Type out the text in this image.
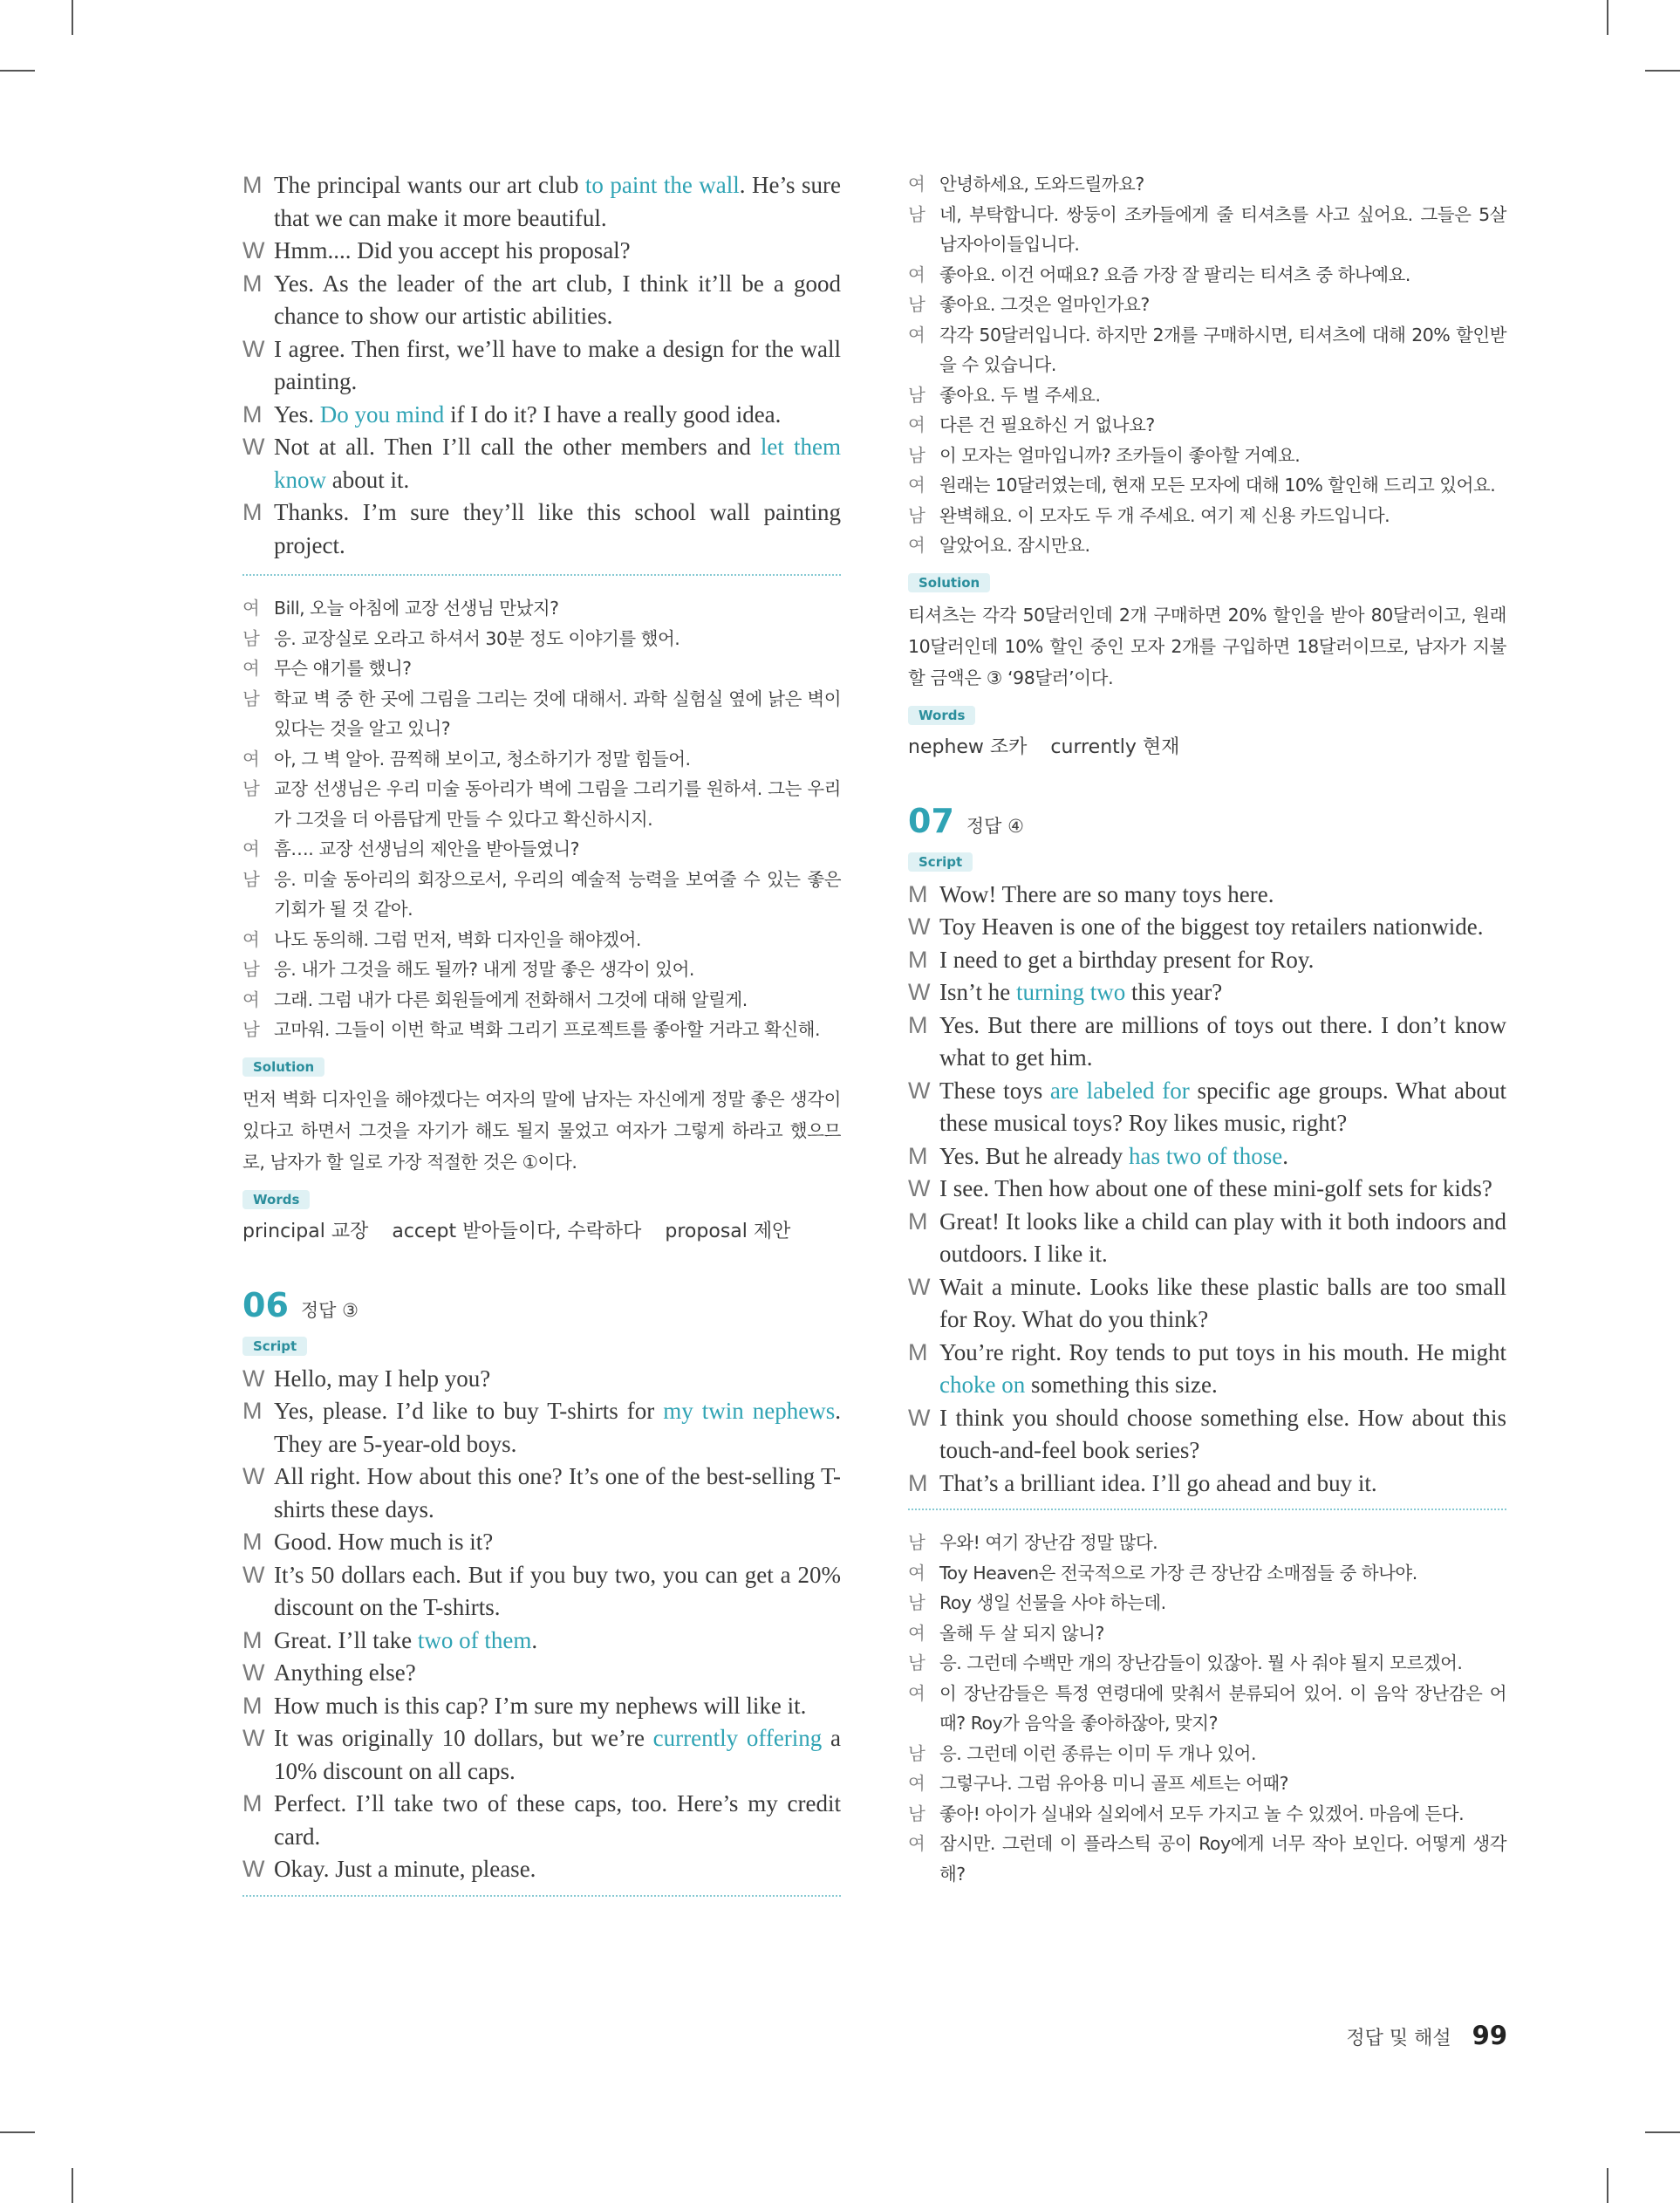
M The principal wants our art club to paint the wall. He’s sure that we can make it more beautiful.
W Hmm.... Did you accept his proposal?
M Yes. As the leader of the art club, I think it’ll be a good chance to show our artistic abilities.
W I agree. Then first, we’ll have to make a design for the wall painting.
M Yes. Do you mind if I do it? I have a really good idea.
W Not at all. Then I’ll call the other members and let them know about it.
M Thanks. I’m sure they’ll like this school wall painting project.
여 Bill, 오늘 아침에 교장 선생님 만났지?
남 응. 교장실로 오라고 하셔서 30분 정도 이야기를 했어.
여 무슨 얘기를 했니?
남 학교 벽 중 한 곳에 그림을 그리는 것에 대해서. 과학 실험실 옆에 낡은 벽이 있다는 것을 알고 있니?
여 아, 그 벽 알아. 끔찍해 보이고, 청소하기가 정말 힘들어.
남 교장 선생님은 우리 미술 동아리가 벽에 그림을 그리기를 원하셔. 그는 우리가 그것을 더 아름답게 만들 수 있다고 확신하시지.
여 흠…. 교장 선생님의 제안을 받아들였니?
남 응. 미술 동아리의 회장으로서, 우리의 예술적 능력을 보여줄 수 있는 좋은 기회가 될 것 같아.
여 나도 동의해. 그럼 먼저, 벽화 디자인을 해야겠어.
남 응. 내가 그것을 해도 될까? 내게 정말 좋은 생각이 있어.
여 그래. 그럼 내가 다른 회원들에게 전화해서 그것에 대해 알릴게.
남 고마워. 그들이 이번 학교 벽화 그리기 프로젝트를 좋아할 거라고 확신해.
Solution
먼저 벽화 디자인을 해야겠다는 여자의 말에 남자는 자신에게 정말 좋은 생각이 있다고 하면서 그것을 자기가 해도 될지 물었고 여자가 그렇게 하라고 했으므로, 남자가 할 일로 가장 적절한 것은 ①이다.
Words
principal 교장 accept 받아들이다, 수락하다 proposal 제안
06 정답 ③
Script
W Hello, may I help you?
M Yes, please. I’d like to buy T-shirts for my twin nephews. They are 5-year-old boys.
W All right. How about this one? It’s one of the best-selling T-shirts these days.
M Good. How much is it?
W It’s 50 dollars each. But if you buy two, you can get a 20% discount on the T-shirts.
M Great. I’ll take two of them.
W Anything else?
M How much is this cap? I’m sure my nephews will like it.
W It was originally 10 dollars, but we’re currently offering a 10% discount on all caps.
M Perfect. I’ll take two of these caps, too. Here’s my credit card.
W Okay. Just a minute, please.
여 안녕하세요, 도와드릴까요?
남 네, 부탁합니다. 쌍둥이 조카들에게 줄 티셔츠를 사고 싶어요. 그들은 5살 남자아이들입니다.
여 좋아요. 이건 어때요? 요즘 가장 잘 팔리는 티셔츠 중 하나예요.
남 좋아요. 그것은 얼마인가요?
여 각각 50달러입니다. 하지만 2개를 구매하시면, 티셔츠에 대해 20% 할인받을 수 있습니다.
남 좋아요. 두 벌 주세요.
여 다른 건 필요하신 거 없나요?
남 이 모자는 얼마입니까? 조카들이 좋아할 거예요.
여 원래는 10달러였는데, 현재 모든 모자에 대해 10% 할인해 드리고 있어요.
남 완벽해요. 이 모자도 두 개 주세요. 여기 제 신용 카드입니다.
여 알았어요. 잠시만요.
Solution
티셔츠는 각각 50달러인데 2개 구매하면 20% 할인을 받아 80달러이고, 원래 10달러인데 10% 할인 중인 모자 2개를 구입하면 18달러이므로, 남자가 지불할 금액은 ③ ‘98달러’이다.
Words
nephew 조카 currently 현재
07 정답 ④
Script
M Wow! There are so many toys here.
W Toy Heaven is one of the biggest toy retailers nationwide.
M I need to get a birthday present for Roy.
W Isn’t he turning two this year?
M Yes. But there are millions of toys out there. I don’t know what to get him.
W These toys are labeled for specific age groups. What about these musical toys? Roy likes music, right?
M Yes. But he already has two of those.
W I see. Then how about one of these mini-golf sets for kids?
M Great! It looks like a child can play with it both indoors and outdoors. I like it.
W Wait a minute. Looks like these plastic balls are too small for Roy. What do you think?
M You’re right. Roy tends to put toys in his mouth. He might choke on something this size.
W I think you should choose something else. How about this touch-and-feel book series?
M That’s a brilliant idea. I’ll go ahead and buy it.
남 우와! 여기 장난감 정말 많다.
여 Toy Heaven은 전국적으로 가장 큰 장난감 소매점들 중 하나야.
남 Roy 생일 선물을 사야 하는데.
여 올해 두 살 되지 않니?
남 응. 그런데 수백만 개의 장난감들이 있잖아. 뭘 사 줘야 될지 모르겠어.
여 이 장난감들은 특정 연령대에 맞춰서 분류되어 있어. 이 음악 장난감은 어때? Roy가 음악을 좋아하잖아, 맞지?
남 응. 그런데 이런 종류는 이미 두 개나 있어.
여 그렇구나. 그럼 유아용 미니 골프 세트는 어때?
남 좋아! 아이가 실내와 실외에서 모두 가지고 놀 수 있겠어. 마음에 든다.
여 잠시만. 그런데 이 플라스틱 공이 Roy에게 너무 작아 보인다. 어떻게 생각해?
정답 및 해설 99
